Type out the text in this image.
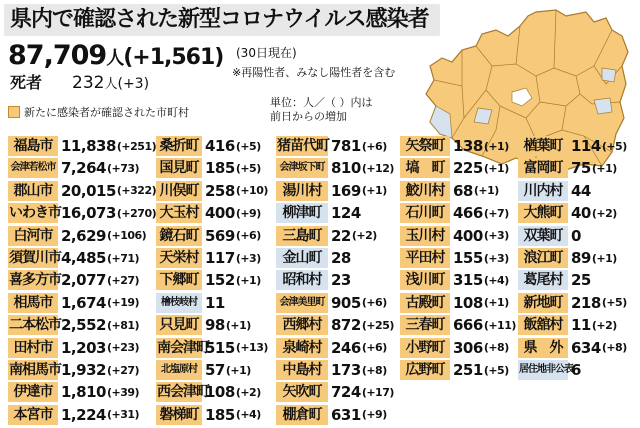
県内で確認された新型コロナウイルス感染者
87,709人(+1,561) (30日現在)
※再陽性者、みなし陽性者を含む
死者 232人(+3)
新たに感染者が確認された市町村
単位：人／（ ）内は
前日からの増加
福島市 11,838 (+251)
会津若松市 7,264 (+73)
郡山市 20,015 (+322)
いわき市 16,073 (+270)
白河市 2,629 (+106)
須賀川市 4,485 (+71)
喜多方市 2,077 (+27)
相馬市 1,674 (+19)
二本松市 2,552 (+81)
田村市 1,203 (+23)
南相馬市 1,932 (+27)
伊達市 1,810 (+39)
本宮市 1,224 (+31)
桑折町 416 (+5)
国見町 185 (+5)
川俣町 258 (+10)
大玉村 400 (+9)
鏡石町 569 (+6)
天栄村 117 (+3)
下郷町 152 (+1)
檜枝岐村 11
只見町 98 (+1)
南会津町
515 (+13)
北塩原村 57 (+1)
西会津町
108 (+2)
磐梯町 185 (+4)
猪苗代町 781 (+6)
会津坂下町 810 (+12)
湯川村 169 (+1)
柳津町 124
三島町 22 (+2)
金山町 28
昭和村 23
会津美里町 905 (+6)
西郷村 872 (+25)
泉崎村 246 (+6)
中島村 173 (+8)
矢吹町 724 (+17)
棚倉町 631 (+9)
矢祭町 138 (+1)
塙　町 225 (+1)
鮫川村 68 (+1)
石川町 466 (+7)
玉川村 400 (+3)
平田村 155 (+3)
浅川町 315 (+4)
古殿町 108 (+1)
三春町 666 (+11)
小野町 306 (+8)
広野町 251 (+5)
楢葉町 114 (+5)
富岡町 75 (+1)
川内村 44
大熊町 40 (+2)
双葉町 0
浪江町 89 (+1)
葛尾村 25
新地町 218 (+5)
飯舘村 11 (+2)
県　外 634 (+8)
居住地非公表
6
